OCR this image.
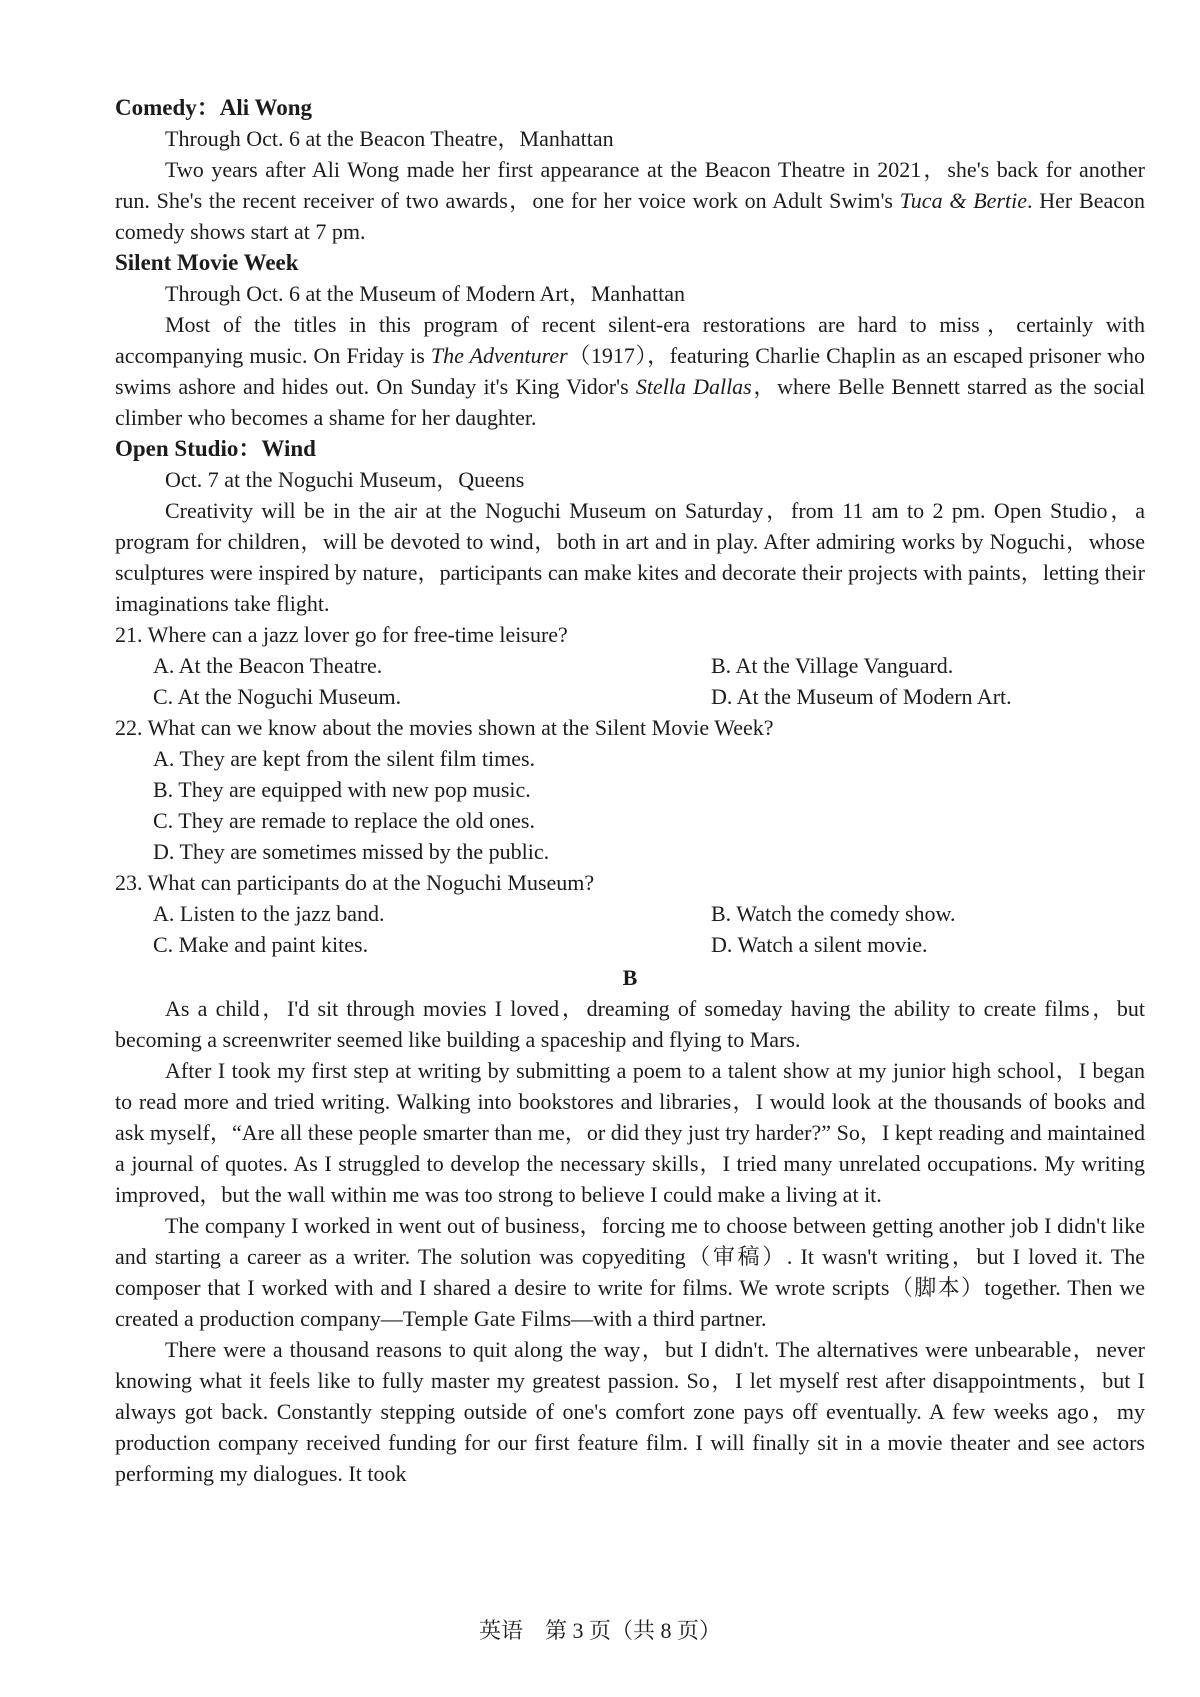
Comedy：Ali Wong

Through Oct. 6 at the Beacon Theatre，Manhattan

Two years after Ali Wong made her first appearance at the Beacon Theatre in 2021，she's back for another run. She's the recent receiver of two awards，one for her voice work on Adult Swim's Tuca & Bertie. Her Beacon comedy shows start at 7 pm.

Silent Movie Week

Through Oct. 6 at the Museum of Modern Art，Manhattan

Most of the titles in this program of recent silent-era restorations are hard to miss，certainly with accompanying music. On Friday is The Adventurer（1917），featuring Charlie Chaplin as an escaped prisoner who swims ashore and hides out. On Sunday it's King Vidor's Stella Dallas，where Belle Bennett starred as the social climber who becomes a shame for her daughter.

Open Studio：Wind

Oct. 7 at the Noguchi Museum，Queens

Creativity will be in the air at the Noguchi Museum on Saturday，from 11 am to 2 pm. Open Studio，a program for children，will be devoted to wind，both in art and in play. After admiring works by Noguchi，whose sculptures were inspired by nature，participants can make kites and decorate their projects with paints，letting their imaginations take flight.

21. Where can a jazz lover go for free-time leisure?

A. At the Beacon Theatre.	B. At the Village Vanguard.

C. At the Noguchi Museum.	D. At the Museum of Modern Art.

22. What can we know about the movies shown at the Silent Movie Week?

A. They are kept from the silent film times.

B. They are equipped with new pop music.

C. They are remade to replace the old ones.

D. They are sometimes missed by the public.

23. What can participants do at the Noguchi Museum?

A. Listen to the jazz band.	B. Watch the comedy show.

C. Make and paint kites.	D. Watch a silent movie.

B

As a child，I'd sit through movies I loved，dreaming of someday having the ability to create films，but becoming a screenwriter seemed like building a spaceship and flying to Mars.

After I took my first step at writing by submitting a poem to a talent show at my junior high school，I began to read more and tried writing. Walking into bookstores and libraries，I would look at the thousands of books and ask myself，“Are all these people smarter than me，or did they just try harder?” So，I kept reading and maintained a journal of quotes. As I struggled to develop the necessary skills，I tried many unrelated occupations. My writing improved，but the wall within me was too strong to believe I could make a living at it.

The company I worked in went out of business，forcing me to choose between getting another job I didn't like and starting a career as a writer. The solution was copyediting（审稿）. It wasn't writing，but I loved it. The composer that I worked with and I shared a desire to write for films. We wrote scripts（脚本）together. Then we created a production company—Temple Gate Films—with a third partner.

There were a thousand reasons to quit along the way，but I didn't. The alternatives were unbearable，never knowing what it feels like to fully master my greatest passion. So，I let myself rest after disappointments，but I always got back. Constantly stepping outside of one's comfort zone pays off eventually. A few weeks ago，my production company received funding for our first feature film. I will finally sit in a movie theater and see actors performing my dialogues. It took

英语　第 3 页（共 8 页）
